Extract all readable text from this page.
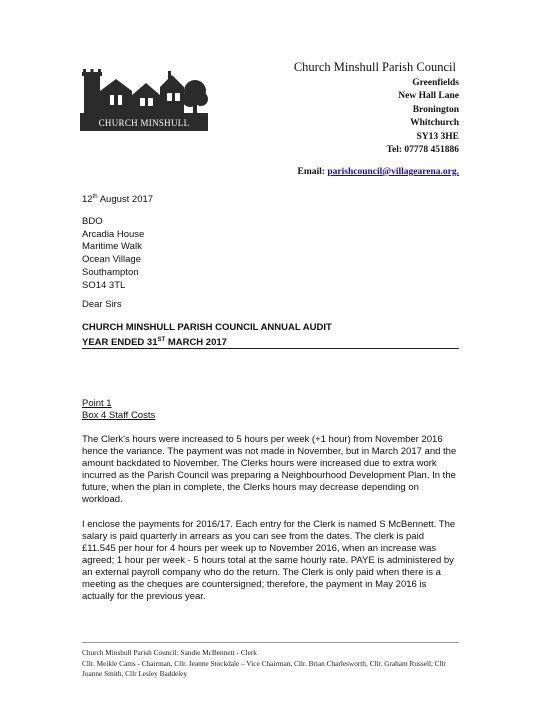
CHURCH MINSHULL
Church Minshull Parish Council
Greenfields
New Hall Lane
Bronington
Whitchurch
SY13 3HE
Tel: 07778 451886
Email: parishcouncil@villagearena.org.
12th August 2017
BDO
Arcadia House
Maritime Walk
Ocean Village
Southampton
SO14 3TL
Dear Sirs
CHURCH MINSHULL PARISH COUNCIL ANNUAL AUDIT
YEAR ENDED 31ST MARCH 2017
Point 1
Box 4 Staff Costs
The Clerk's hours were increased to 5 hours per week (+1 hour) from November 2016 hence the variance. The payment was not made in November, but in March 2017 and the amount backdated to November. The Clerks hours were increased due to extra work incurred as the Parish Council was preparing a Neighbourhood Development Plan. In the future, when the plan in complete, the Clerks hours may decrease depending on workload.
I enclose the payments for 2016/17. Each entry for the Clerk is named S McBennett. The salary is paid quarterly in arrears as you can see from the dates. The clerk is paid £11.545 per hour for 4 hours per week up to November 2016, when an increase was agreed; 1 hour per week - 5 hours total at the same hourly rate. PAYE is administered by an external payroll company who do the return. The Clerk is only paid when there is a meeting as the cheques are countersigned; therefore, the payment in May 2016 is actually for the previous year.
Church Minshull Parish Council: Sandie McBennett - Clerk
Cllr. Meikle Cams - Chairman, Cllr. Jeanne Stockdale – Vice Chairman, Cllr. Brian Charlesworth, Cllr. Graham Russell, Cllr Joanne Smith, Cllr Lesley Baddeley
